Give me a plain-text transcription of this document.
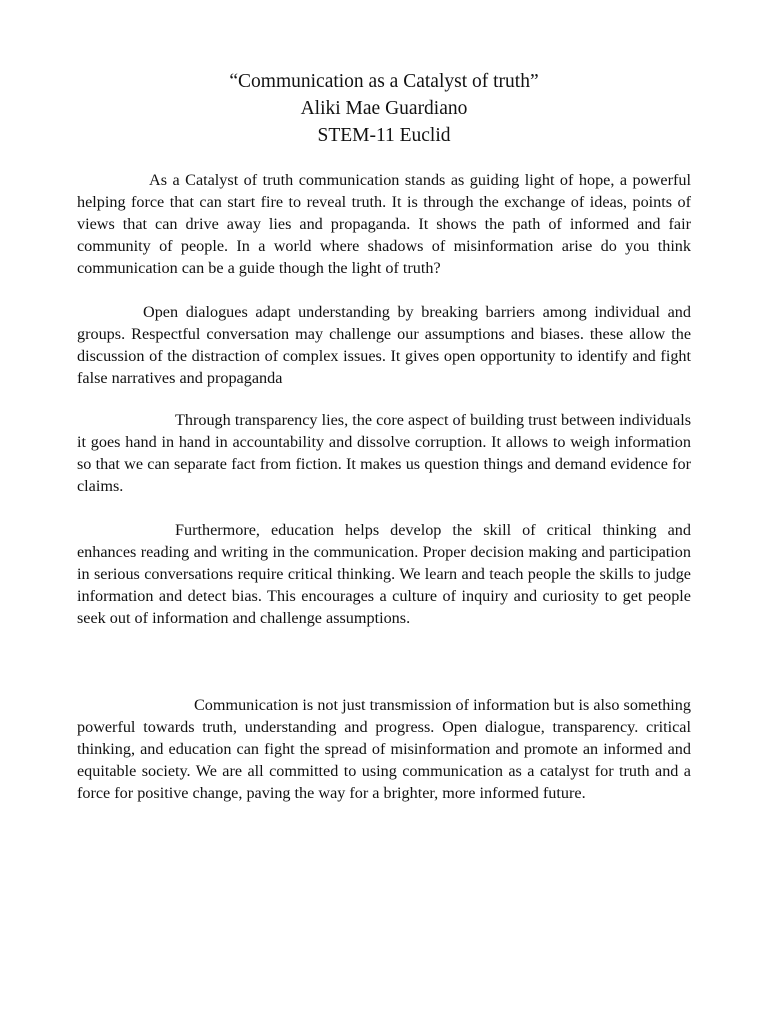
“Communication as a Catalyst of truth”
Aliki Mae Guardiano
STEM-11 Euclid

As a Catalyst of truth communication stands as guiding light of hope, a powerful helping force that can start fire to reveal truth. It is through the exchange of ideas, points of views that can drive away lies and propaganda. It shows the path of informed and fair community of people. In a world where shadows of misinformation arise do you think communication can be a guide though the light of truth?

Open dialogues adapt understanding by breaking barriers among individual and groups. Respectful conversation may challenge our assumptions and biases. these allow the discussion of the distraction of complex issues. It gives open opportunity to identify and fight false narratives and propaganda

Through transparency lies, the core aspect of building trust between individuals it goes hand in hand in accountability and dissolve corruption. It allows to weigh information so that we can separate fact from fiction. It makes us question things and demand evidence for claims.

Furthermore, education helps develop the skill of critical thinking and enhances reading and writing in the communication. Proper decision making and participation in serious conversations require critical thinking. We learn and teach people the skills to judge information and detect bias. This encourages a culture of inquiry and curiosity to get people seek out of information and challenge assumptions.

Communication is not just transmission of information but is also something powerful towards truth, understanding and progress. Open dialogue, transparency. critical thinking, and education can fight the spread of misinformation and promote an informed and equitable society. We are all committed to using communication as a catalyst for truth and a force for positive change, paving the way for a brighter, more informed future.
